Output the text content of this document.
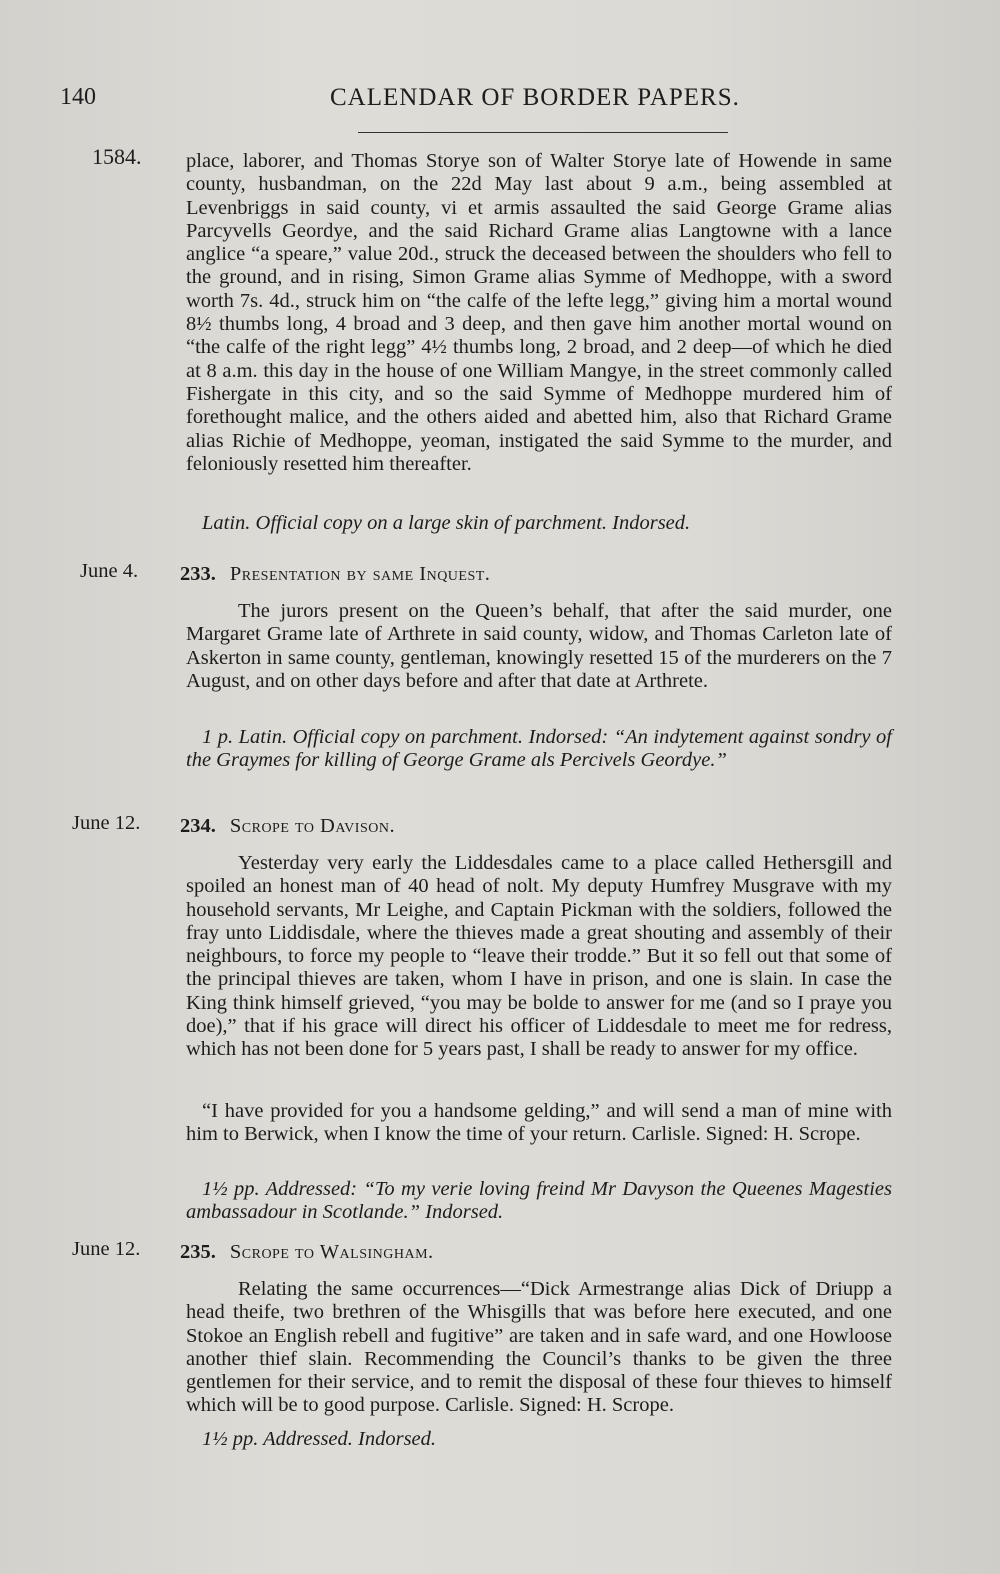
140	CALENDAR OF BORDER PAPERS.
1584. place, laborer, and Thomas Storye son of Walter Storye late of Howende in same county, husbandman, on the 22d May last about 9 a.m., being assembled at Levenbriggs in said county, vi et armis assaulted the said George Grame alias Parcyvells Geordye, and the said Richard Grame alias Langtowne with a lance anglice “a speare,” value 20d., struck the deceased between the shoulders who fell to the ground, and in rising, Simon Grame alias Symme of Medhoppe, with a sword worth 7s. 4d., struck him on “the calfe of the lefte legg,” giving him a mortal wound 8½ thumbs long, 4 broad and 3 deep, and then gave him another mortal wound on “the calfe of the right legg” 4½ thumbs long, 2 broad, and 2 deep—of which he died at 8 a.m. this day in the house of one William Mangye, in the street commonly called Fishergate in this city, and so the said Symme of Medhoppe murdered him of forethought malice, and the others aided and abetted him, also that Richard Grame alias Richie of Medhoppe, yeoman, instigated the said Symme to the murder, and feloniously resetted him thereafter.

Latin. Official copy on a large skin of parchment. Indorsed.

June 4. 233. Presentation by same Inquest.

The jurors present on the Queen’s behalf, that after the said murder, one Margaret Grame late of Arthrete in said county, widow, and Thomas Carleton late of Askerton in same county, gentleman, knowingly resetted 15 of the murderers on the 7 August, and on other days before and after that date at Arthrete.

1 p. Latin. Official copy on parchment. Indorsed: “An indytement against sondry of the Graymes for killing of George Grame als Percivels Geordye.”

June 12. 234. Scrope to Davison.

Yesterday very early the Liddesdales came to a place called Hethersgill and spoiled an honest man of 40 head of nolt. My deputy Humfrey Musgrave with my household servants, Mr Leighe, and Captain Pickman with the soldiers, followed the fray unto Liddisdale, where the thieves made a great shouting and assembly of their neighbours, to force my people to “leave their trodde.” But it so fell out that some of the principal thieves are taken, whom I have in prison, and one is slain. In case the King think himself grieved, “you may be bolde to answer for me (and so I praye you doe),” that if his grace will direct his officer of Liddesdale to meet me for redress, which has not been done for 5 years past, I shall be ready to answer for my office.

“I have provided for you a handsome gelding,” and will send a man of mine with him to Berwick, when I know the time of your return. Carlisle. Signed: H. Scrope.

1½ pp. Addressed: “To my verie loving freind Mr Davyson the Queenes Magesties ambassadour in Scotlande.” Indorsed.

June 12. 235. Scrope to Walsingham.

Relating the same occurrences—“Dick Armestrange alias Dick of Driupp a head theife, two brethren of the Whisgills that was before here executed, and one Stokoe an English rebell and fugitive” are taken and in safe ward, and one Howloose another thief slain. Recommending the Council’s thanks to be given the three gentlemen for their service, and to remit the disposal of these four thieves to himself which will be to good purpose. Carlisle. Signed: H. Scrope.

1½ pp. Addressed. Indorsed.
